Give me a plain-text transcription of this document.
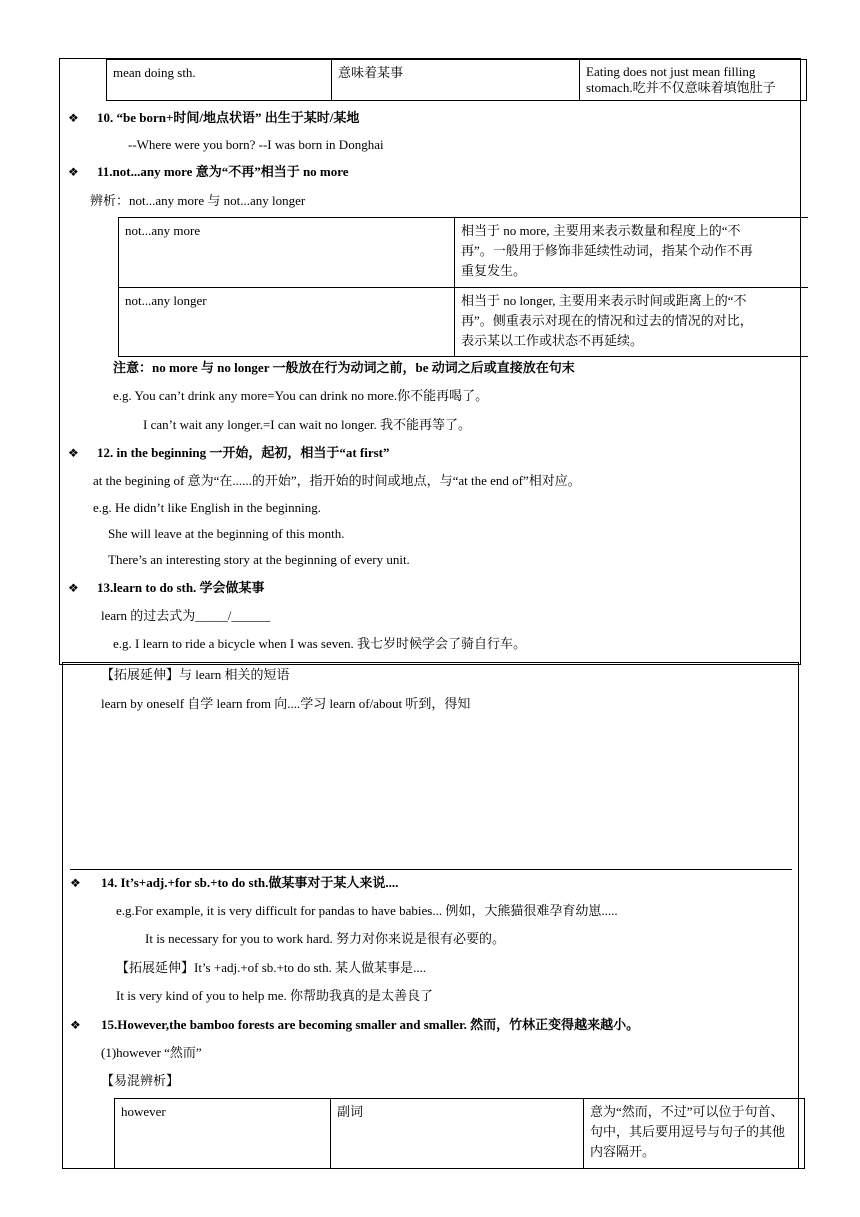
mean doing sth.	意味着某事	Eating does not just mean filling
stomach.吃并不仅意味着填饱肚子
❖ 10. “be born+时间/地点状语” 出生于某时/某地
--Where were you born? --I was born in Donghai
❖ 11.not...any more 意为“不再”相当于 no more
辨析：not...any more 与 not...any longer
not...any more	相当于 no more, 主要用来表示数量和程度上的“不
再”。一般用于修饰非延续性动词，指某个动作不再
重复发生。

not...any longer	相当于 no longer, 主要用来表示时间或距离上的“不
再”。侧重表示对现在的情况和过去的情况的对比，
表示某以工作或状态不再延续。
注意：no more 与 no longer 一般放在行为动词之前，be 动词之后或直接放在句末
e.g. You can’t drink any more=You can drink no more.你不能再喝了。
I can’t wait any longer.=I can wait no longer. 我不能再等了。
❖ 12. in the beginning 一开始，起初，相当于“at first”
at the begining of 意为“在......的开始”，指开始的时间或地点，与“at the end of”相对应。
e.g. He didn’t like English in the beginning.
She will leave at the beginning of this month.
There’s an interesting story at the beginning of every unit.
❖ 13.learn to do sth. 学会做某事
learn 的过去式为_____/______
e.g. I learn to ride a bicycle when I was seven. 我七岁时候学会了骑自行车。
【拓展延伸】与 learn 相关的短语
learn by oneself 自学 learn from 向....学习 learn of/about 听到，得知
❖ 14. It’s+adj.+for sb.+to do sth.做某事对于某人来说....
e.g.For example, it is very difficult for pandas to have babies... 例如，大熊猫很难孕育幼崽.....
It is necessary for you to work hard. 努力对你来说是很有必要的。
【拓展延伸】It’s +adj.+of sb.+to do sth. 某人做某事是....
It is very kind of you to help me. 你帮助我真的是太善良了
❖ 15.However,the bamboo forests are becoming smaller and smaller. 然而，竹林正变得越来越小。
(1)however “然而”
【易混辨析】
however	副词	意为“然而，不过”可以位于句首、
句中，其后要用逗号与句子的其他
内容隔开。
